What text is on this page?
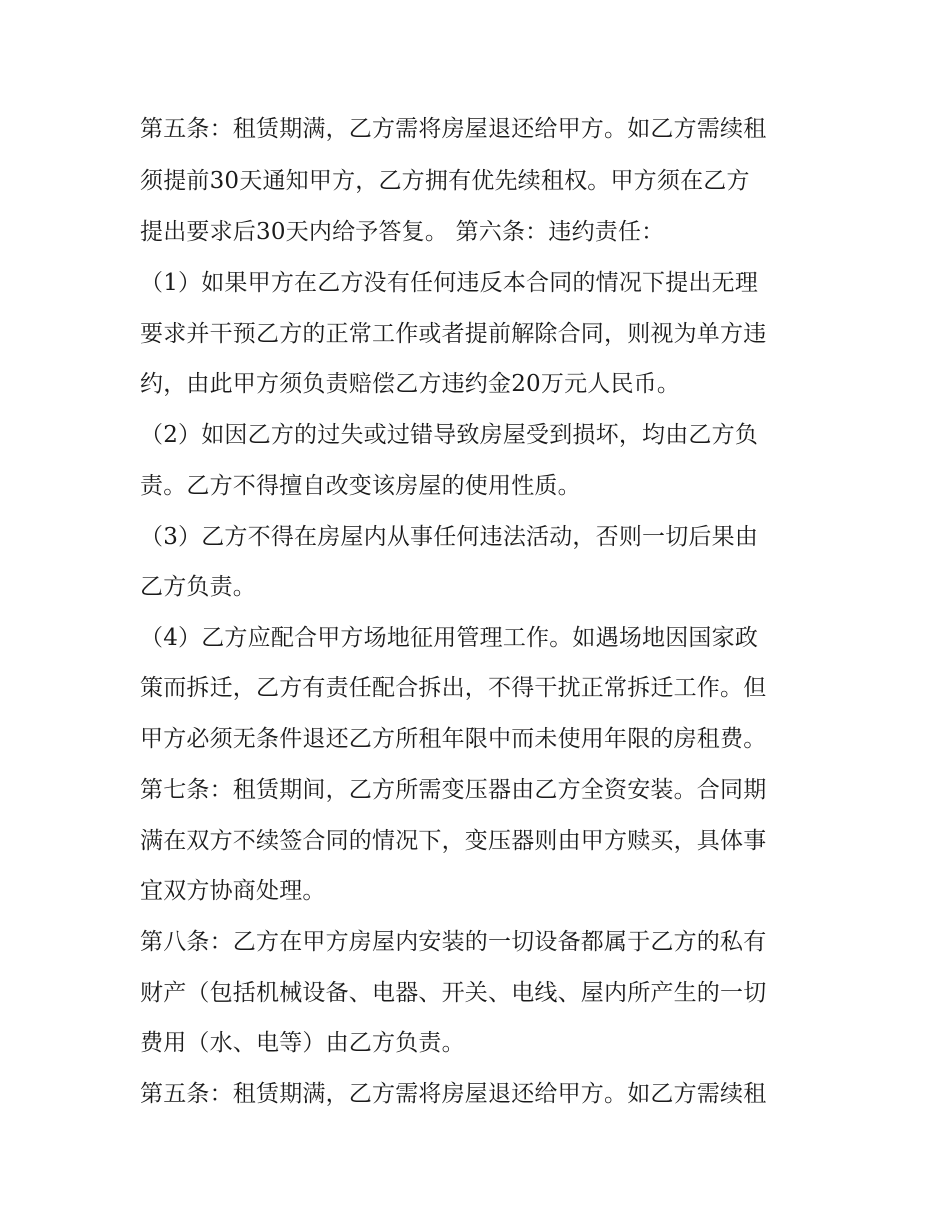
第五条：租赁期满，乙方需将房屋退还给甲方。如乙方需续租
须提前30天通知甲方，乙方拥有优先续租权。甲方须在乙方
提出要求后30天内给予答复。 第六条：违约责任：
（1）如果甲方在乙方没有任何违反本合同的情况下提出无理
要求并干预乙方的正常工作或者提前解除合同，则视为单方违
约，由此甲方须负责赔偿乙方违约金20万元人民币。
（2）如因乙方的过失或过错导致房屋受到损坏，均由乙方负
责。乙方不得擅自改变该房屋的使用性质。
（3）乙方不得在房屋内从事任何违法活动，否则一切后果由
乙方负责。
（4）乙方应配合甲方场地征用管理工作。如遇场地因国家政
策而拆迁，乙方有责任配合拆出，不得干扰正常拆迁工作。但
甲方必须无条件退还乙方所租年限中而未使用年限的房租费。
第七条：租赁期间，乙方所需变压器由乙方全资安装。合同期
满在双方不续签合同的情况下，变压器则由甲方赎买，具体事
宜双方协商处理。
第八条：乙方在甲方房屋内安装的一切设备都属于乙方的私有
财产（包括机械设备、电器、开关、电线、屋内所产生的一切
费用（水、电等）由乙方负责。
第五条：租赁期满，乙方需将房屋退还给甲方。如乙方需续租
